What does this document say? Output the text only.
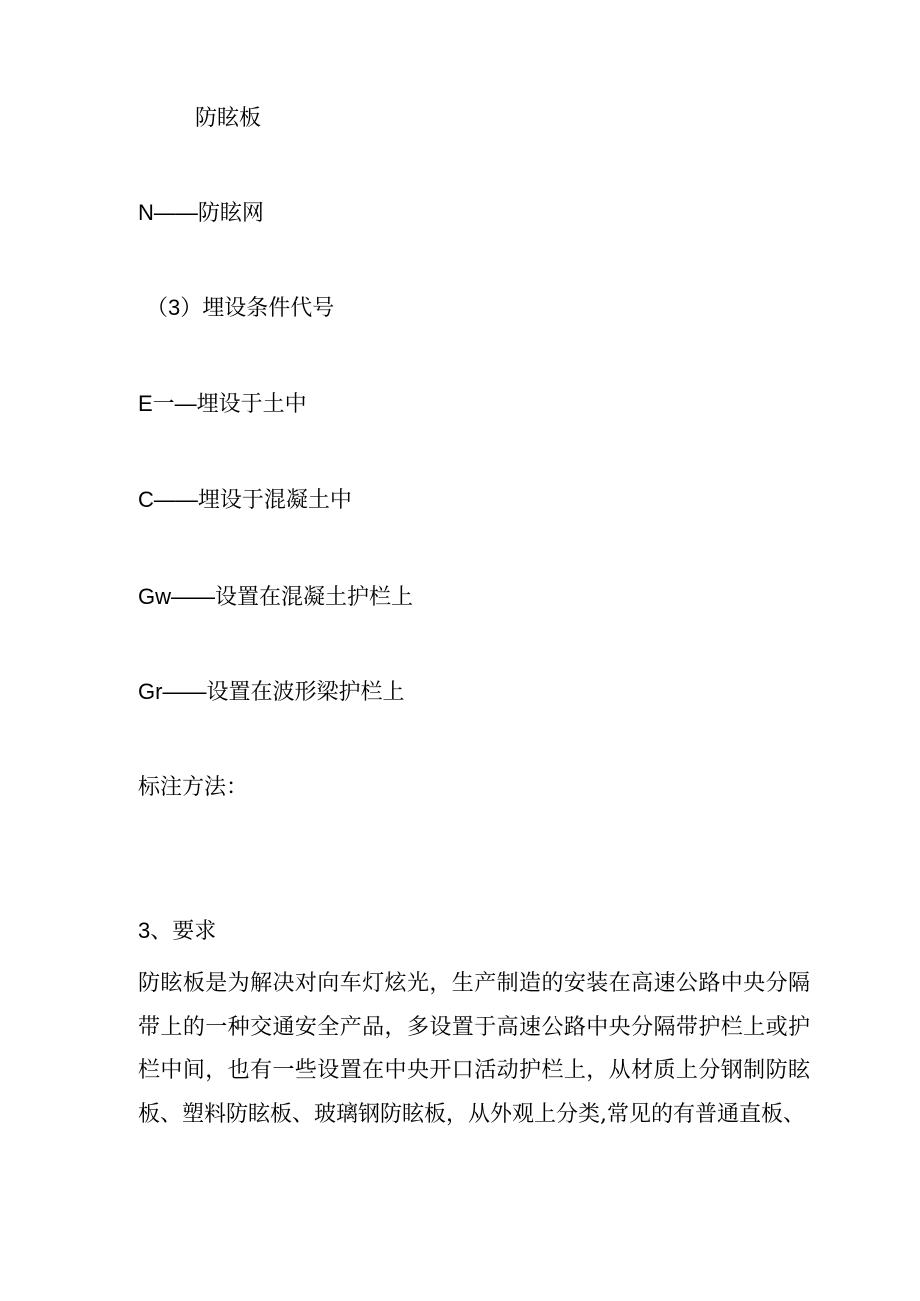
防眩板

N——防眩网

（3）埋设条件代号

E一—埋设于土中

C——埋设于混凝土中

Gw——设置在混凝土护栏上

Gr——设置在波形梁护栏上

标注方法：

3、要求

防眩板是为解决对向车灯炫光，生产制造的安装在高速公路中央分隔带上的一种交通安全产品，多设置于高速公路中央分隔带护栏上或护栏中间，也有一些设置在中央开口活动护栏上，从材质上分钢制防眩板、塑料防眩板、玻璃钢防眩板，从外观上分类,常见的有普通直板、
